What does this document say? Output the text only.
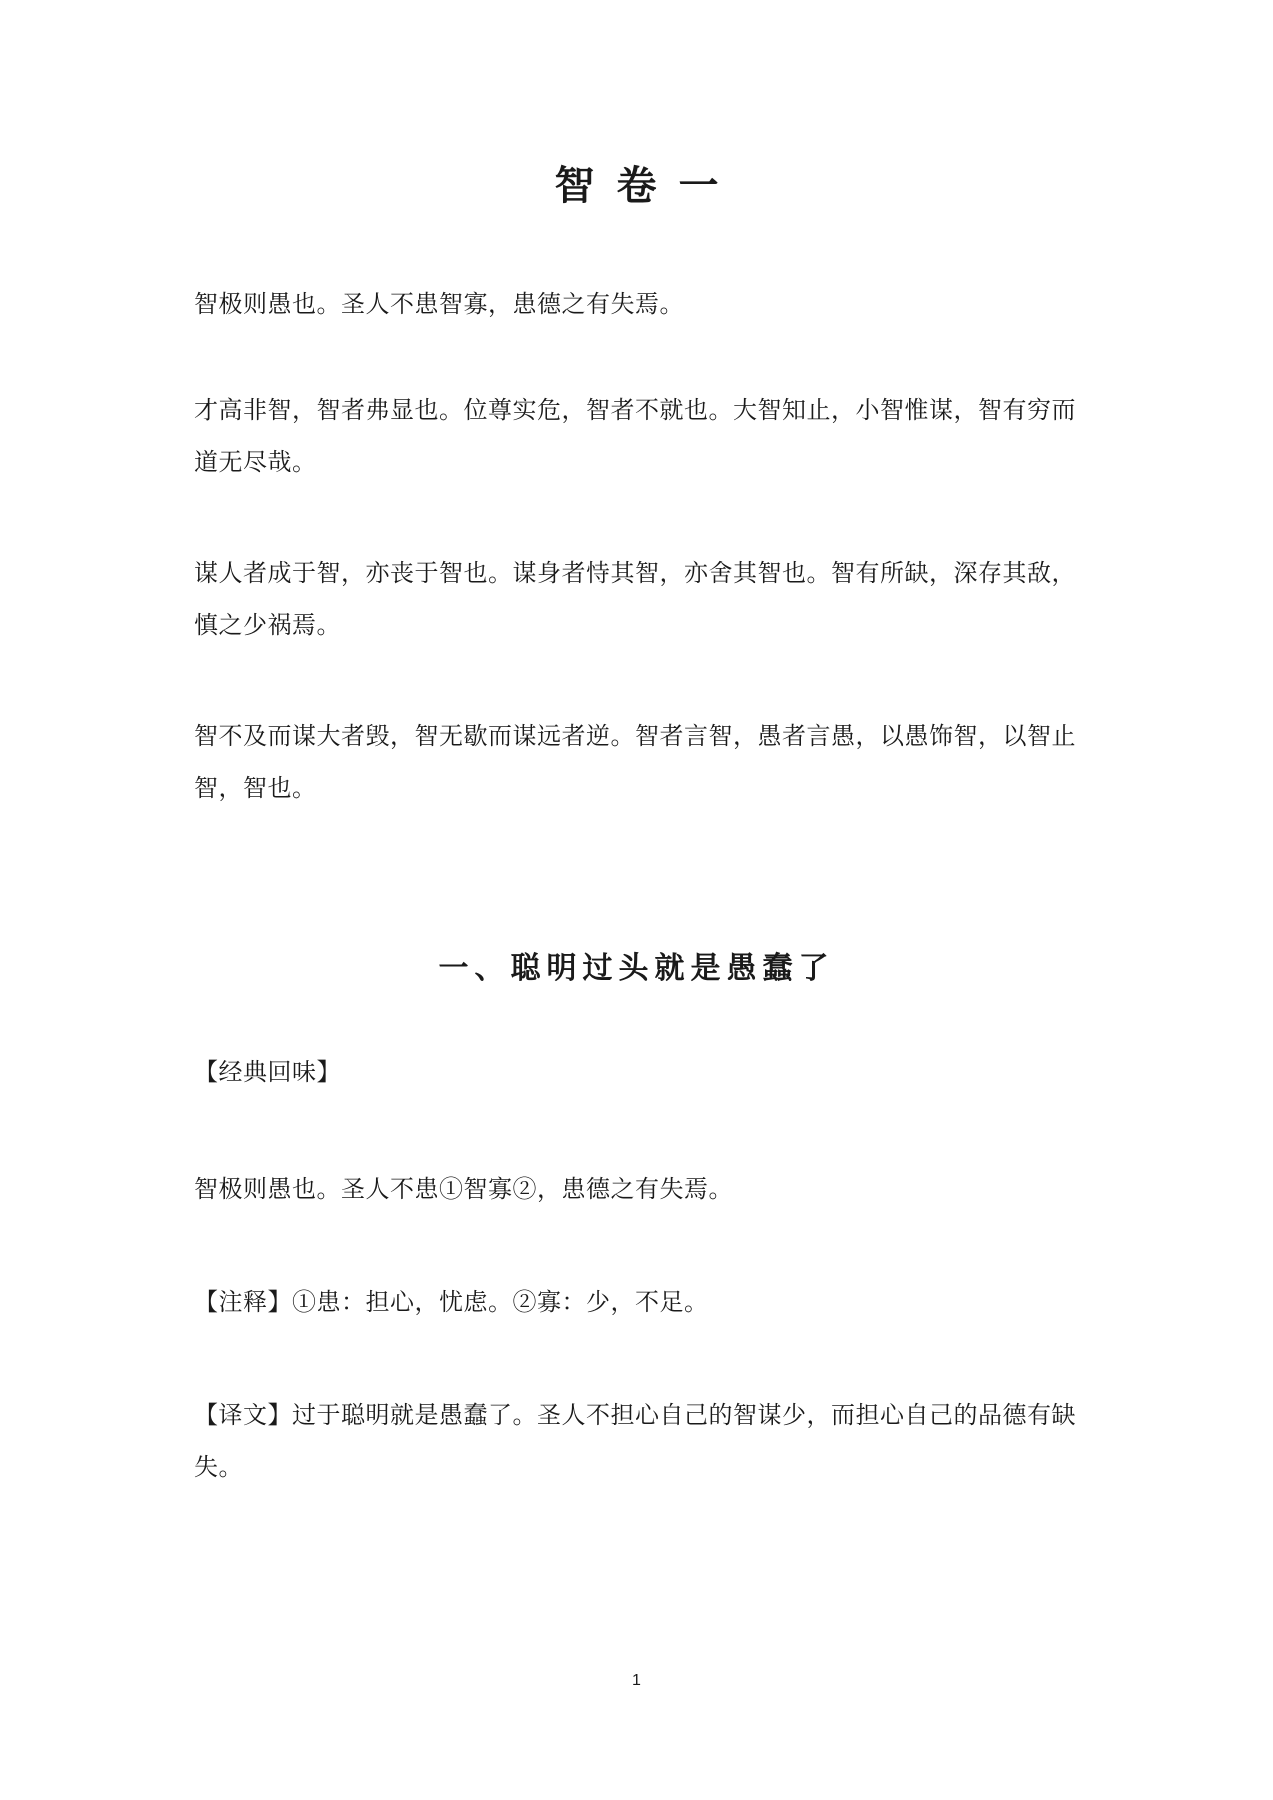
智卷一

智极则愚也。圣人不患智寡，患德之有失焉。

才高非智，智者弗显也。位尊实危，智者不就也。大智知止，小智惟谋，智有穷而道无尽哉。

谋人者成于智，亦丧于智也。谋身者恃其智，亦舍其智也。智有所缺，深存其敌，慎之少祸焉。

智不及而谋大者毁，智无歇而谋远者逆。智者言智，愚者言愚，以愚饰智，以智止智，智也。

一、聪明过头就是愚蠢了

【经典回味】

智极则愚也。圣人不患①智寡②，患德之有失焉。

【注释】①患：担心，忧虑。②寡：少，不足。

【译文】过于聪明就是愚蠢了。圣人不担心自己的智谋少，而担心自己的品德有缺失。

1
